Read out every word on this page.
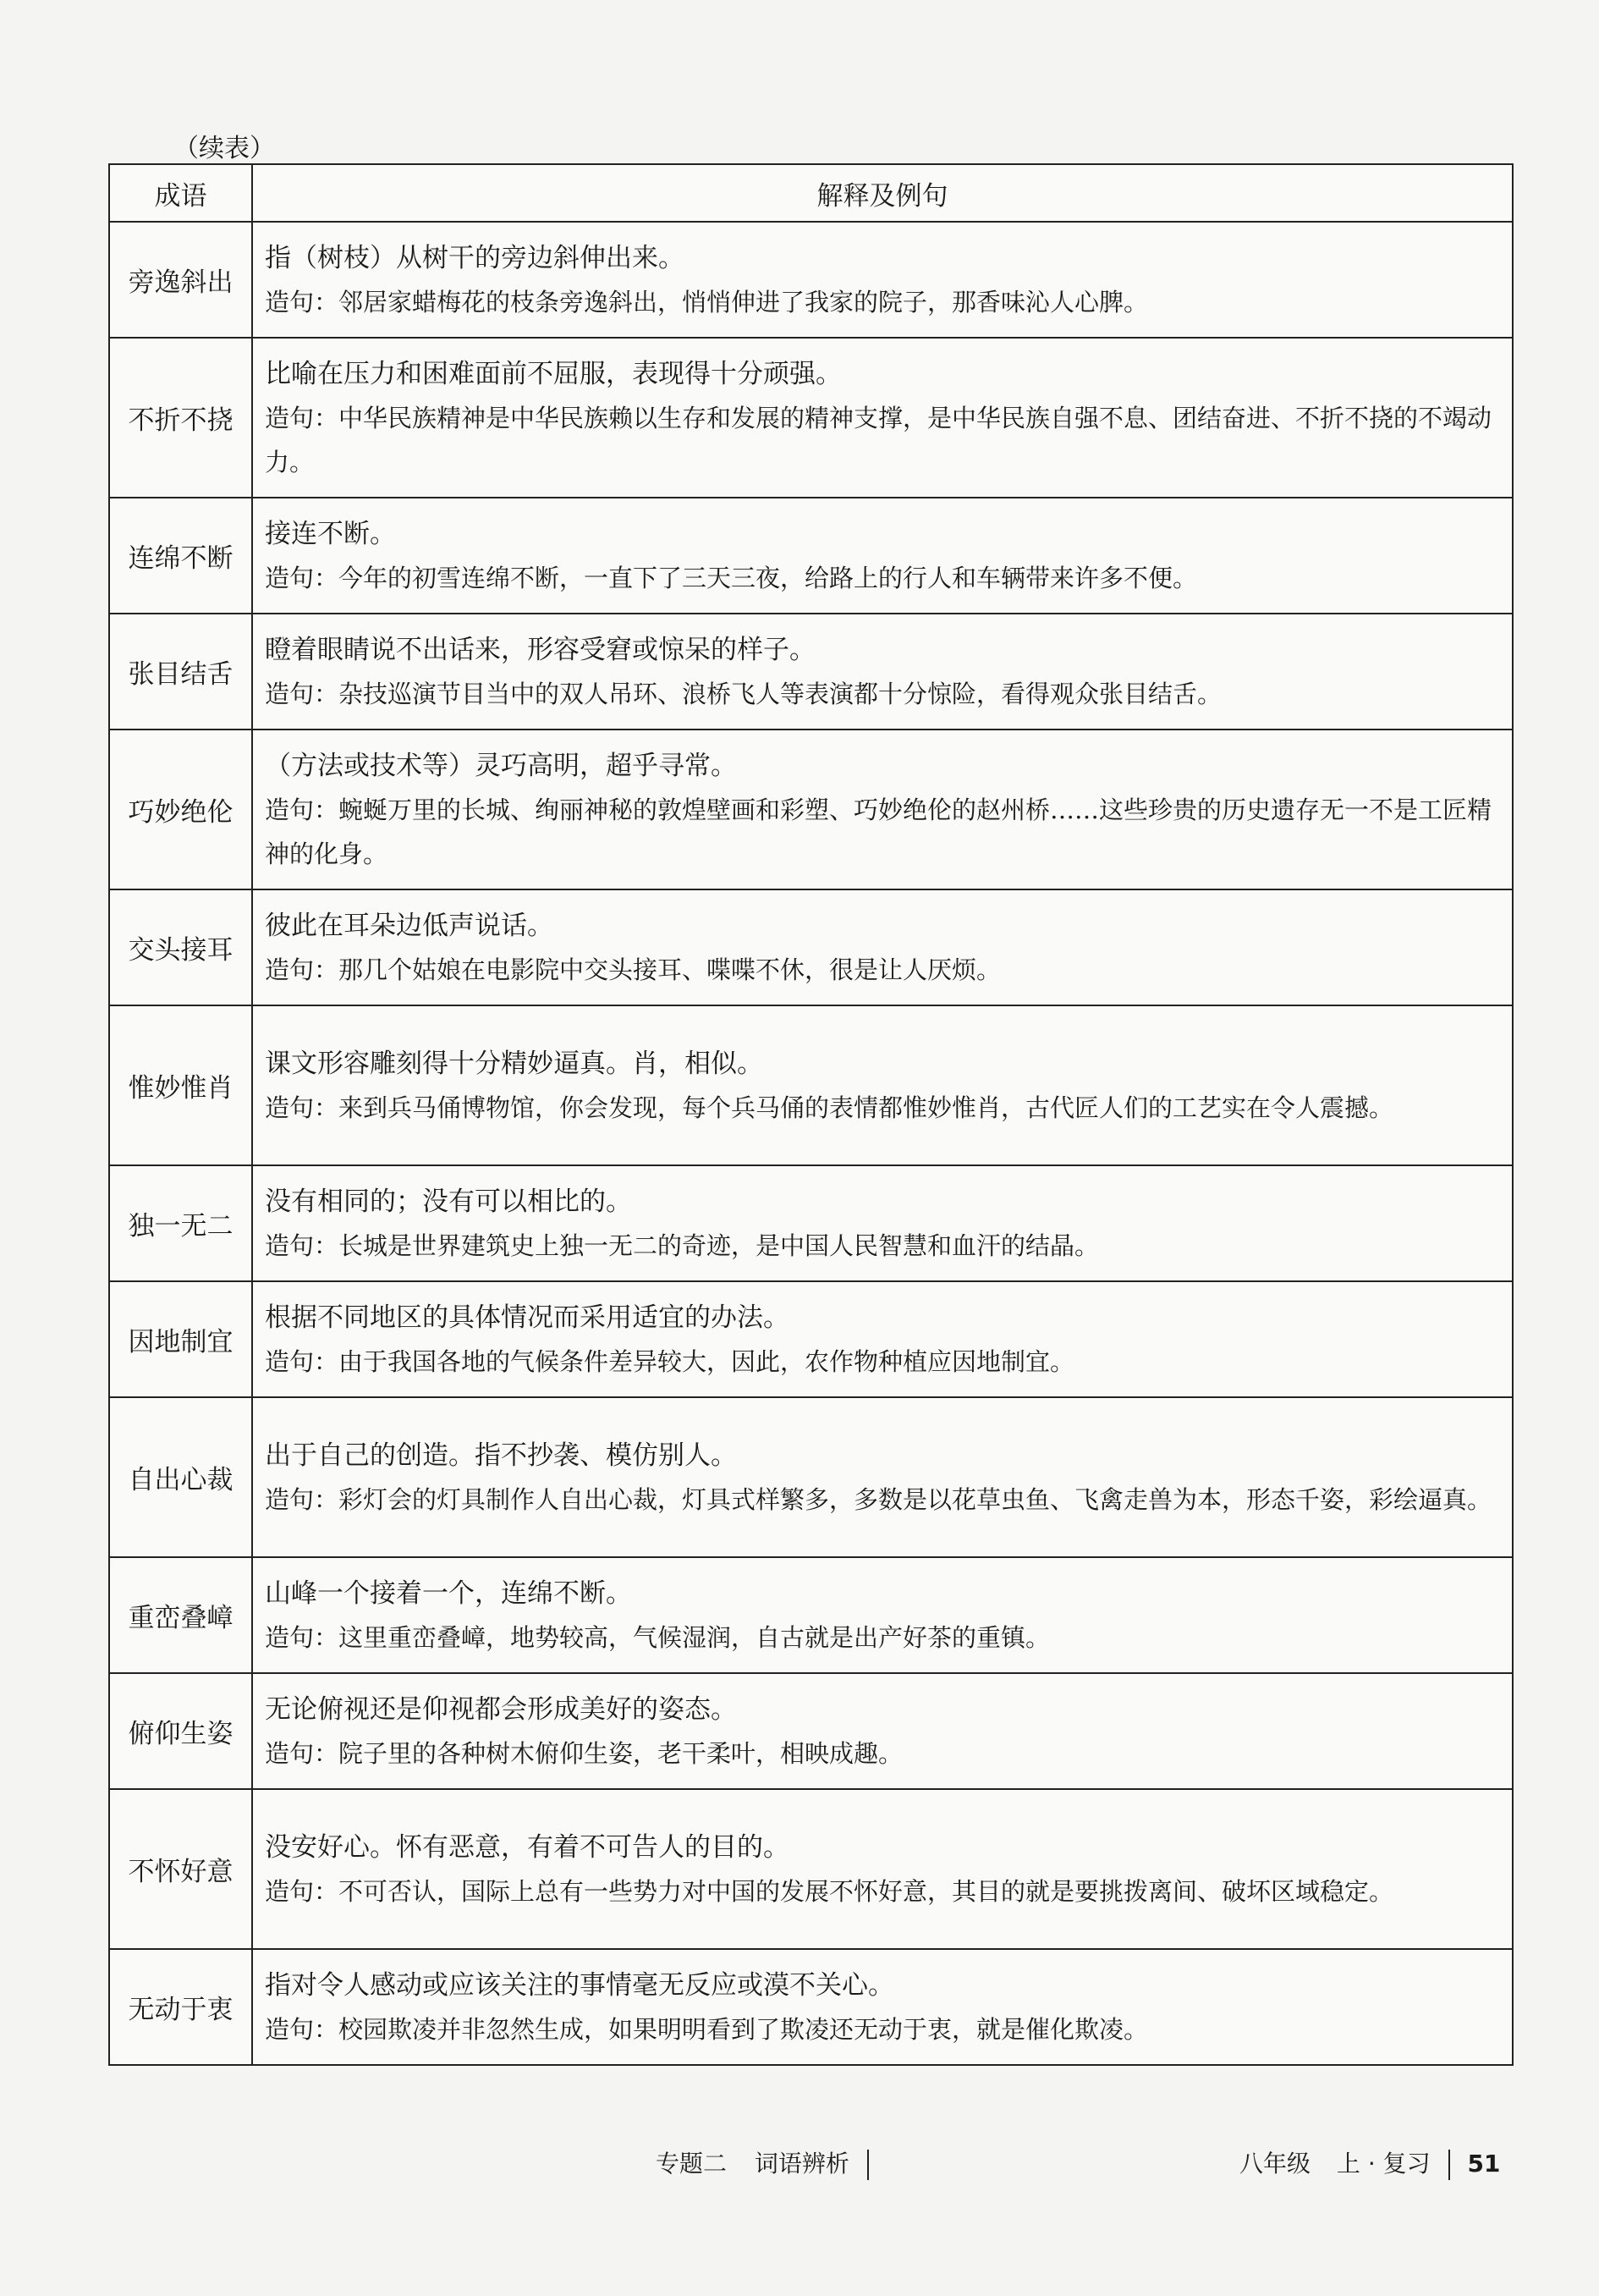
（续表）
成语	解释及例句
旁逸斜出	指（树枝）从树干的旁边斜伸出来。
造句：邻居家蜡梅花的枝条旁逸斜出，悄悄伸进了我家的院子，那香味沁人心脾。

不折不挠	比喻在压力和困难面前不屈服，表现得十分顽强。
造句：中华民族精神是中华民族赖以生存和发展的精神支撑，是中华民族自强不息、团结奋进、不折不挠的不竭动力。

连绵不断	接连不断。
造句：今年的初雪连绵不断，一直下了三天三夜，给路上的行人和车辆带来许多不便。

张目结舌	瞪着眼睛说不出话来，形容受窘或惊呆的样子。
造句：杂技巡演节目当中的双人吊环、浪桥飞人等表演都十分惊险，看得观众张目结舌。

巧妙绝伦	（方法或技术等）灵巧高明，超乎寻常。
造句：蜿蜒万里的长城、绚丽神秘的敦煌壁画和彩塑、巧妙绝伦的赵州桥……这些珍贵的历史遗存无一不是工匠精神的化身。

交头接耳	彼此在耳朵边低声说话。
造句：那几个姑娘在电影院中交头接耳、喋喋不休，很是让人厌烦。

惟妙惟肖	课文形容雕刻得十分精妙逼真。肖，相似。
造句：来到兵马俑博物馆，你会发现，每个兵马俑的表情都惟妙惟肖，古代匠人们的工艺实在令人震撼。

独一无二	没有相同的；没有可以相比的。
造句：长城是世界建筑史上独一无二的奇迹，是中国人民智慧和血汗的结晶。

因地制宜	根据不同地区的具体情况而采用适宜的办法。
造句：由于我国各地的气候条件差异较大，因此，农作物种植应因地制宜。

自出心裁	出于自己的创造。指不抄袭、模仿别人。
造句：彩灯会的灯具制作人自出心裁，灯具式样繁多，多数是以花草虫鱼、飞禽走兽为本，形态千姿，彩绘逼真。

重峦叠嶂	山峰一个接着一个，连绵不断。
造句：这里重峦叠嶂，地势较高，气候湿润，自古就是出产好茶的重镇。

俯仰生姿	无论俯视还是仰视都会形成美好的姿态。
造句：院子里的各种树木俯仰生姿，老干柔叶，相映成趣。

不怀好意	没安好心。怀有恶意，有着不可告人的目的。
造句：不可否认，国际上总有一些势力对中国的发展不怀好意，其目的就是要挑拨离间、破坏区域稳定。

无动于衷	指对令人感动或应该关注的事情毫无反应或漠不关心。
造句：校园欺凌并非忽然生成，如果明明看到了欺凌还无动于衷，就是催化欺凌。
专题二 词语辨析	八年级 上 · 复习 51
